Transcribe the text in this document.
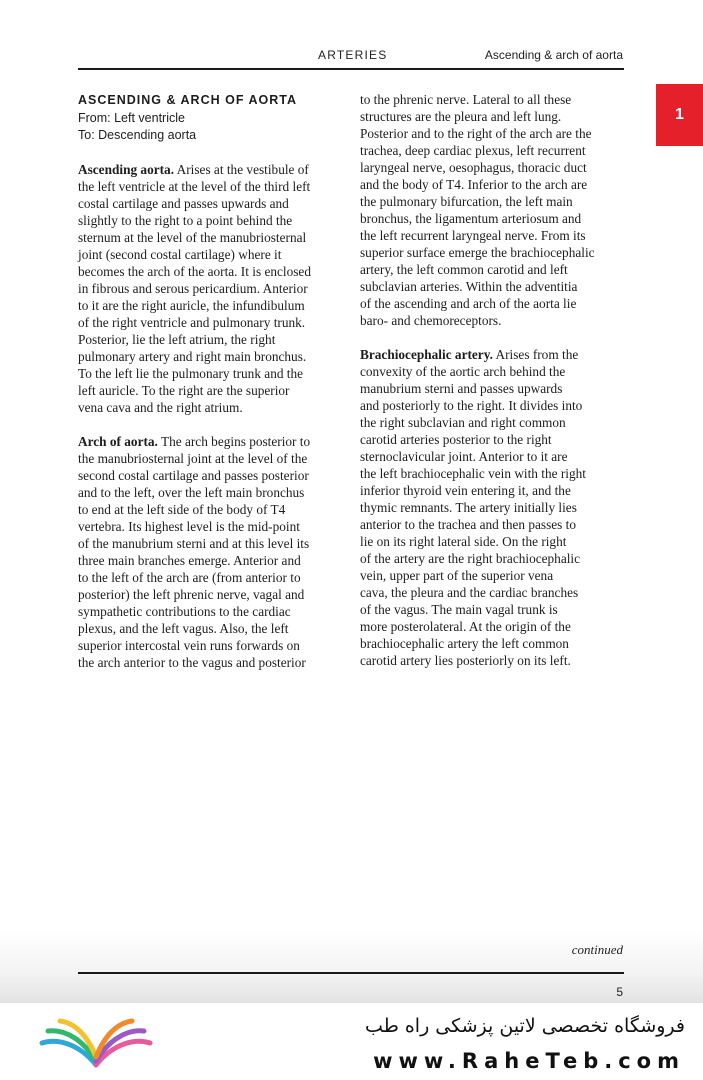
ARTERIES	Ascending & arch of aorta
1
ASCENDING & ARCH OF AORTA
From: Left ventricle
To: Descending aorta
Ascending aorta. Arises at the vestibule of
the left ventricle at the level of the third left
costal cartilage and passes upwards and
slightly to the right to a point behind the
sternum at the level of the manubriosternal
joint (second costal cartilage) where it
becomes the arch of the aorta. It is enclosed
in fibrous and serous pericardium. Anterior
to it are the right auricle, the infundibulum
of the right ventricle and pulmonary trunk.
Posterior, lie the left atrium, the right
pulmonary artery and right main bronchus.
To the left lie the pulmonary trunk and the
left auricle. To the right are the superior
vena cava and the right atrium.
Arch of aorta. The arch begins posterior to
the manubriosternal joint at the level of the
second costal cartilage and passes posterior
and to the left, over the left main bronchus
to end at the left side of the body of T4
vertebra. Its highest level is the mid-point
of the manubrium sterni and at this level its
three main branches emerge. Anterior and
to the left of the arch are (from anterior to
posterior) the left phrenic nerve, vagal and
sympathetic contributions to the cardiac
plexus, and the left vagus. Also, the left
superior intercostal vein runs forwards on
the arch anterior to the vagus and posterior
to the phrenic nerve. Lateral to all these
structures are the pleura and left lung.
Posterior and to the right of the arch are the
trachea, deep cardiac plexus, left recurrent
laryngeal nerve, oesophagus, thoracic duct
and the body of T4. Inferior to the arch are
the pulmonary bifurcation, the left main
bronchus, the ligamentum arteriosum and
the left recurrent laryngeal nerve. From its
superior surface emerge the brachiocephalic
artery, the left common carotid and left
subclavian arteries. Within the adventitia
of the ascending and arch of the aorta lie
baro- and chemoreceptors.
Brachiocephalic artery. Arises from the
convexity of the aortic arch behind the
manubrium sterni and passes upwards
and posteriorly to the right. It divides into
the right subclavian and right common
carotid arteries posterior to the right
sternoclavicular joint. Anterior to it are
the left brachiocephalic vein with the right
inferior thyroid vein entering it, and the
thymic remnants. The artery initially lies
anterior to the trachea and then passes to
lie on its right lateral side. On the right
of the artery are the right brachiocephalic
vein, upper part of the superior vena
cava, the pleura and the cardiac branches
of the vagus. The main vagal trunk is
more posterolateral. At the origin of the
brachiocephalic artery the left common
carotid artery lies posteriorly on its left.
continued
5
فروشگاه تخصصی لاتین پزشکی راه طب
www.RaheTeb.com
